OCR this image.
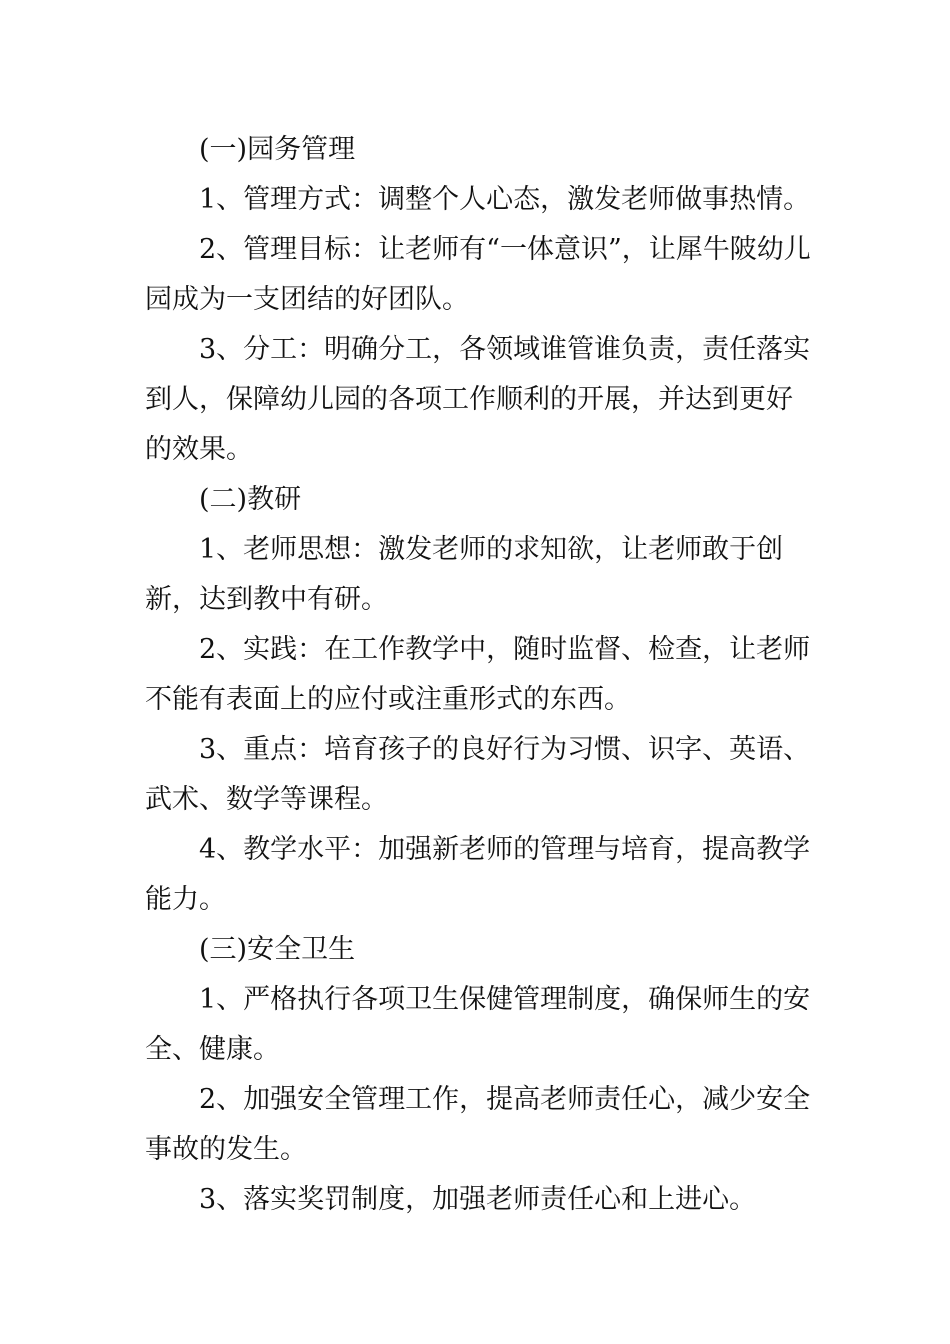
(一)园务管理

1、管理方式：调整个人心态，激发老师做事热情。

2、管理目标：让老师有“一体意识”，让犀牛陂幼儿园成为一支团结的好团队。

3、分工：明确分工，各领域谁管谁负责，责任落实到人，保障幼儿园的各项工作顺利的开展，并达到更好的效果。

(二)教研

1、老师思想：激发老师的求知欲，让老师敢于创新，达到教中有研。

2、实践：在工作教学中，随时监督、检查，让老师不能有表面上的应付或注重形式的东西。

3、重点：培育孩子的良好行为习惯、识字、英语、武术、数学等课程。

4、教学水平：加强新老师的管理与培育，提高教学能力。

(三)安全卫生

1、严格执行各项卫生保健管理制度，确保师生的安全、健康。

2、加强安全管理工作，提高老师责任心，减少安全事故的发生。

3、落实奖罚制度，加强老师责任心和上进心。
